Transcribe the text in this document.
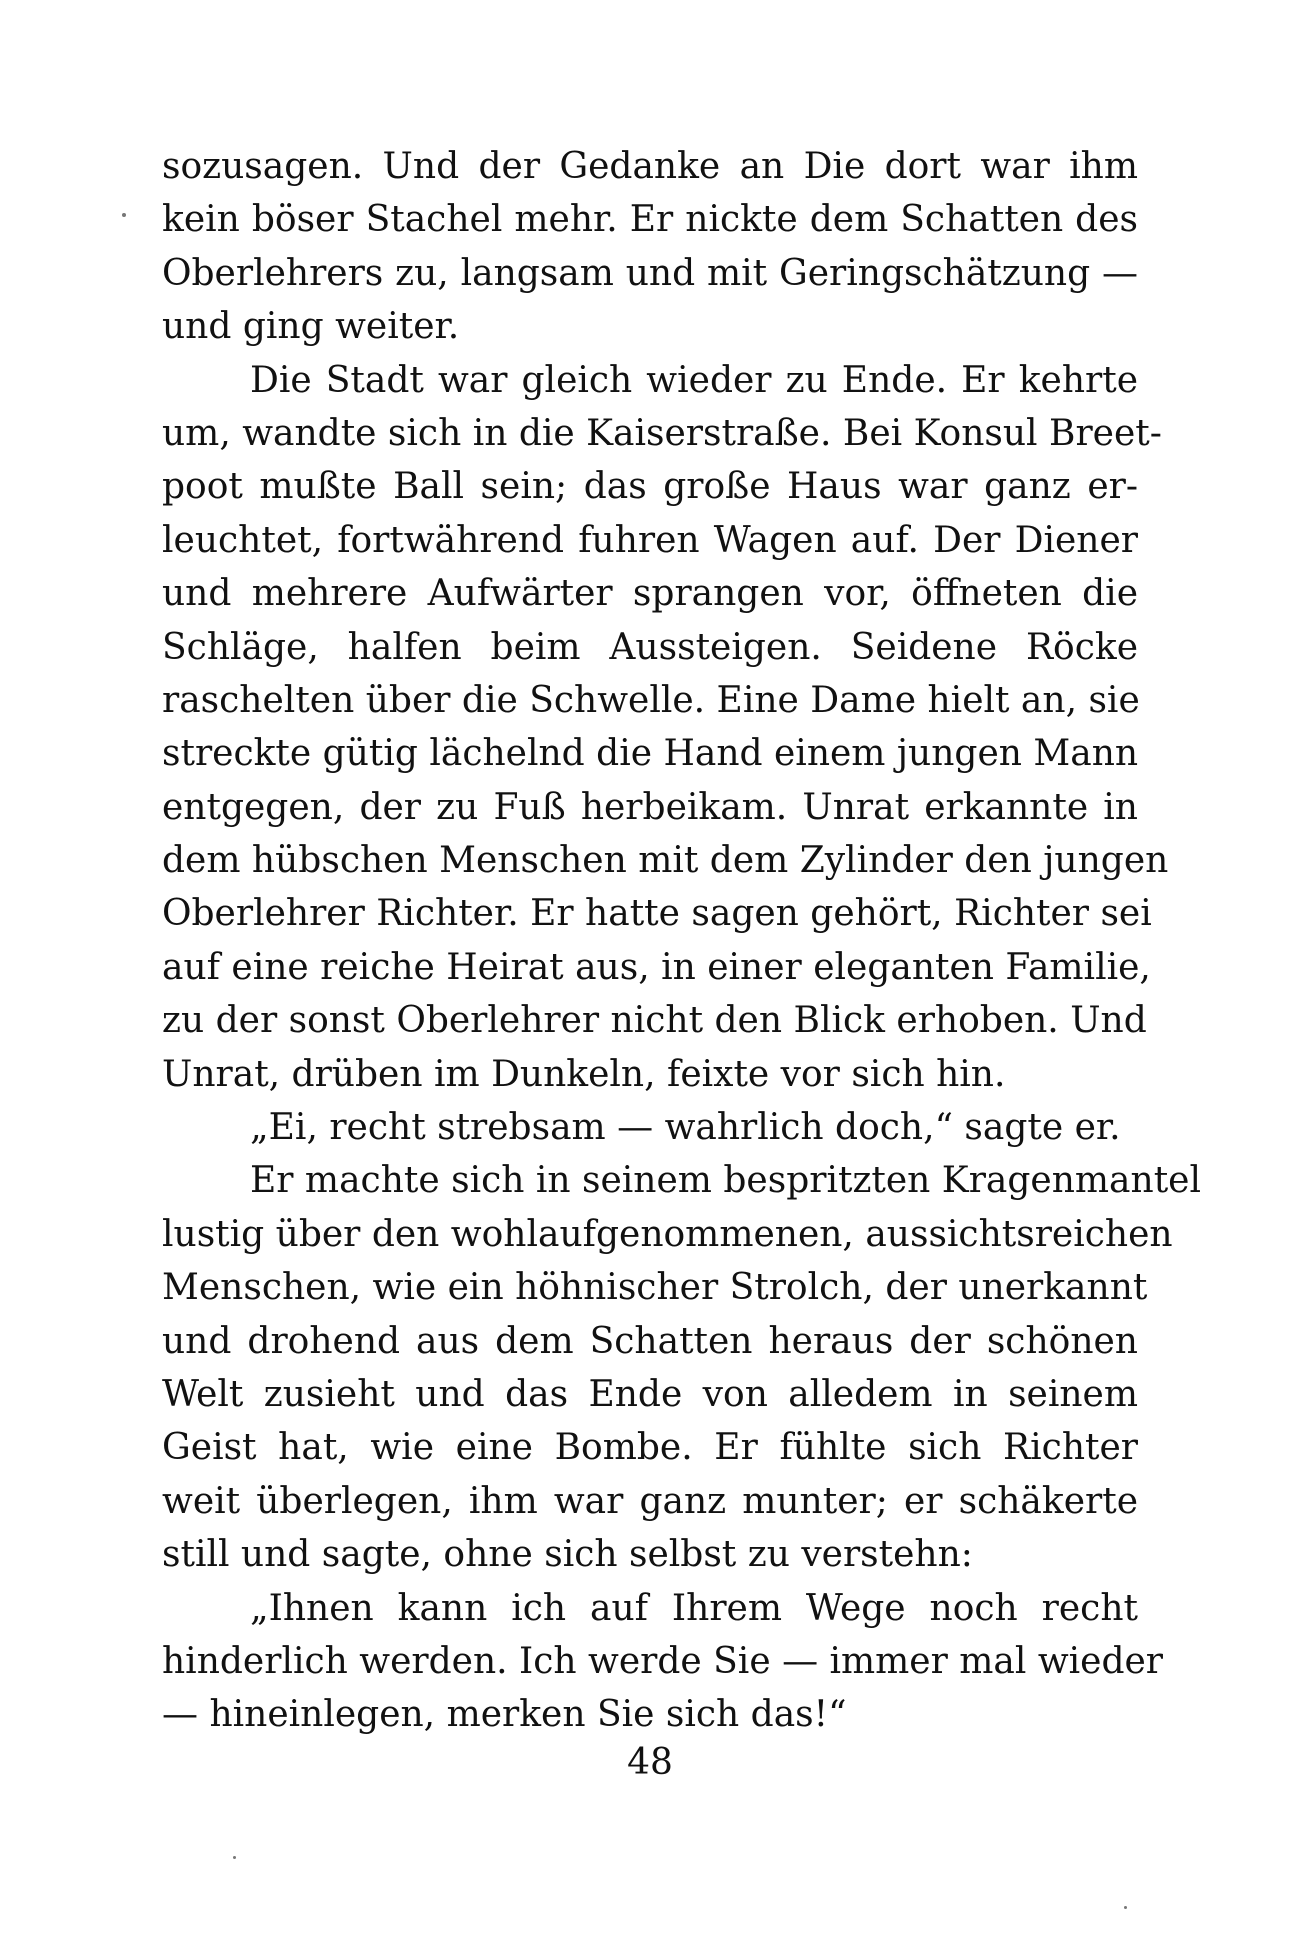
sozusagen. Und der Gedanke an Die dort war ihm
kein böser Stachel mehr. Er nickte dem Schatten des
Oberlehrers zu, langsam und mit Geringschätzung —
und ging weiter.
Die Stadt war gleich wieder zu Ende. Er kehrte
um, wandte sich in die Kaiserstraße. Bei Konsul Breet-
poot mußte Ball sein; das große Haus war ganz er-
leuchtet, fortwährend fuhren Wagen auf. Der Diener
und mehrere Aufwärter sprangen vor, öffneten die
Schläge, halfen beim Aussteigen. Seidene Röcke
raschelten über die Schwelle. Eine Dame hielt an, sie
streckte gütig lächelnd die Hand einem jungen Mann
entgegen, der zu Fuß herbeikam. Unrat erkannte in
dem hübschen Menschen mit dem Zylinder den jungen
Oberlehrer Richter. Er hatte sagen gehört, Richter sei
auf eine reiche Heirat aus, in einer eleganten Familie,
zu der sonst Oberlehrer nicht den Blick erhoben. Und
Unrat, drüben im Dunkeln, feixte vor sich hin.
„Ei, recht strebsam — wahrlich doch,“ sagte er.
Er machte sich in seinem bespritzten Kragenmantel
lustig über den wohlaufgenommenen, aussichtsreichen
Menschen, wie ein höhnischer Strolch, der unerkannt
und drohend aus dem Schatten heraus der schönen
Welt zusieht und das Ende von alledem in seinem
Geist hat, wie eine Bombe. Er fühlte sich Richter
weit überlegen, ihm war ganz munter; er schäkerte
still und sagte, ohne sich selbst zu verstehn:
„Ihnen kann ich auf Ihrem Wege noch recht
hinderlich werden. Ich werde Sie — immer mal wieder
— hineinlegen, merken Sie sich das!“
48
